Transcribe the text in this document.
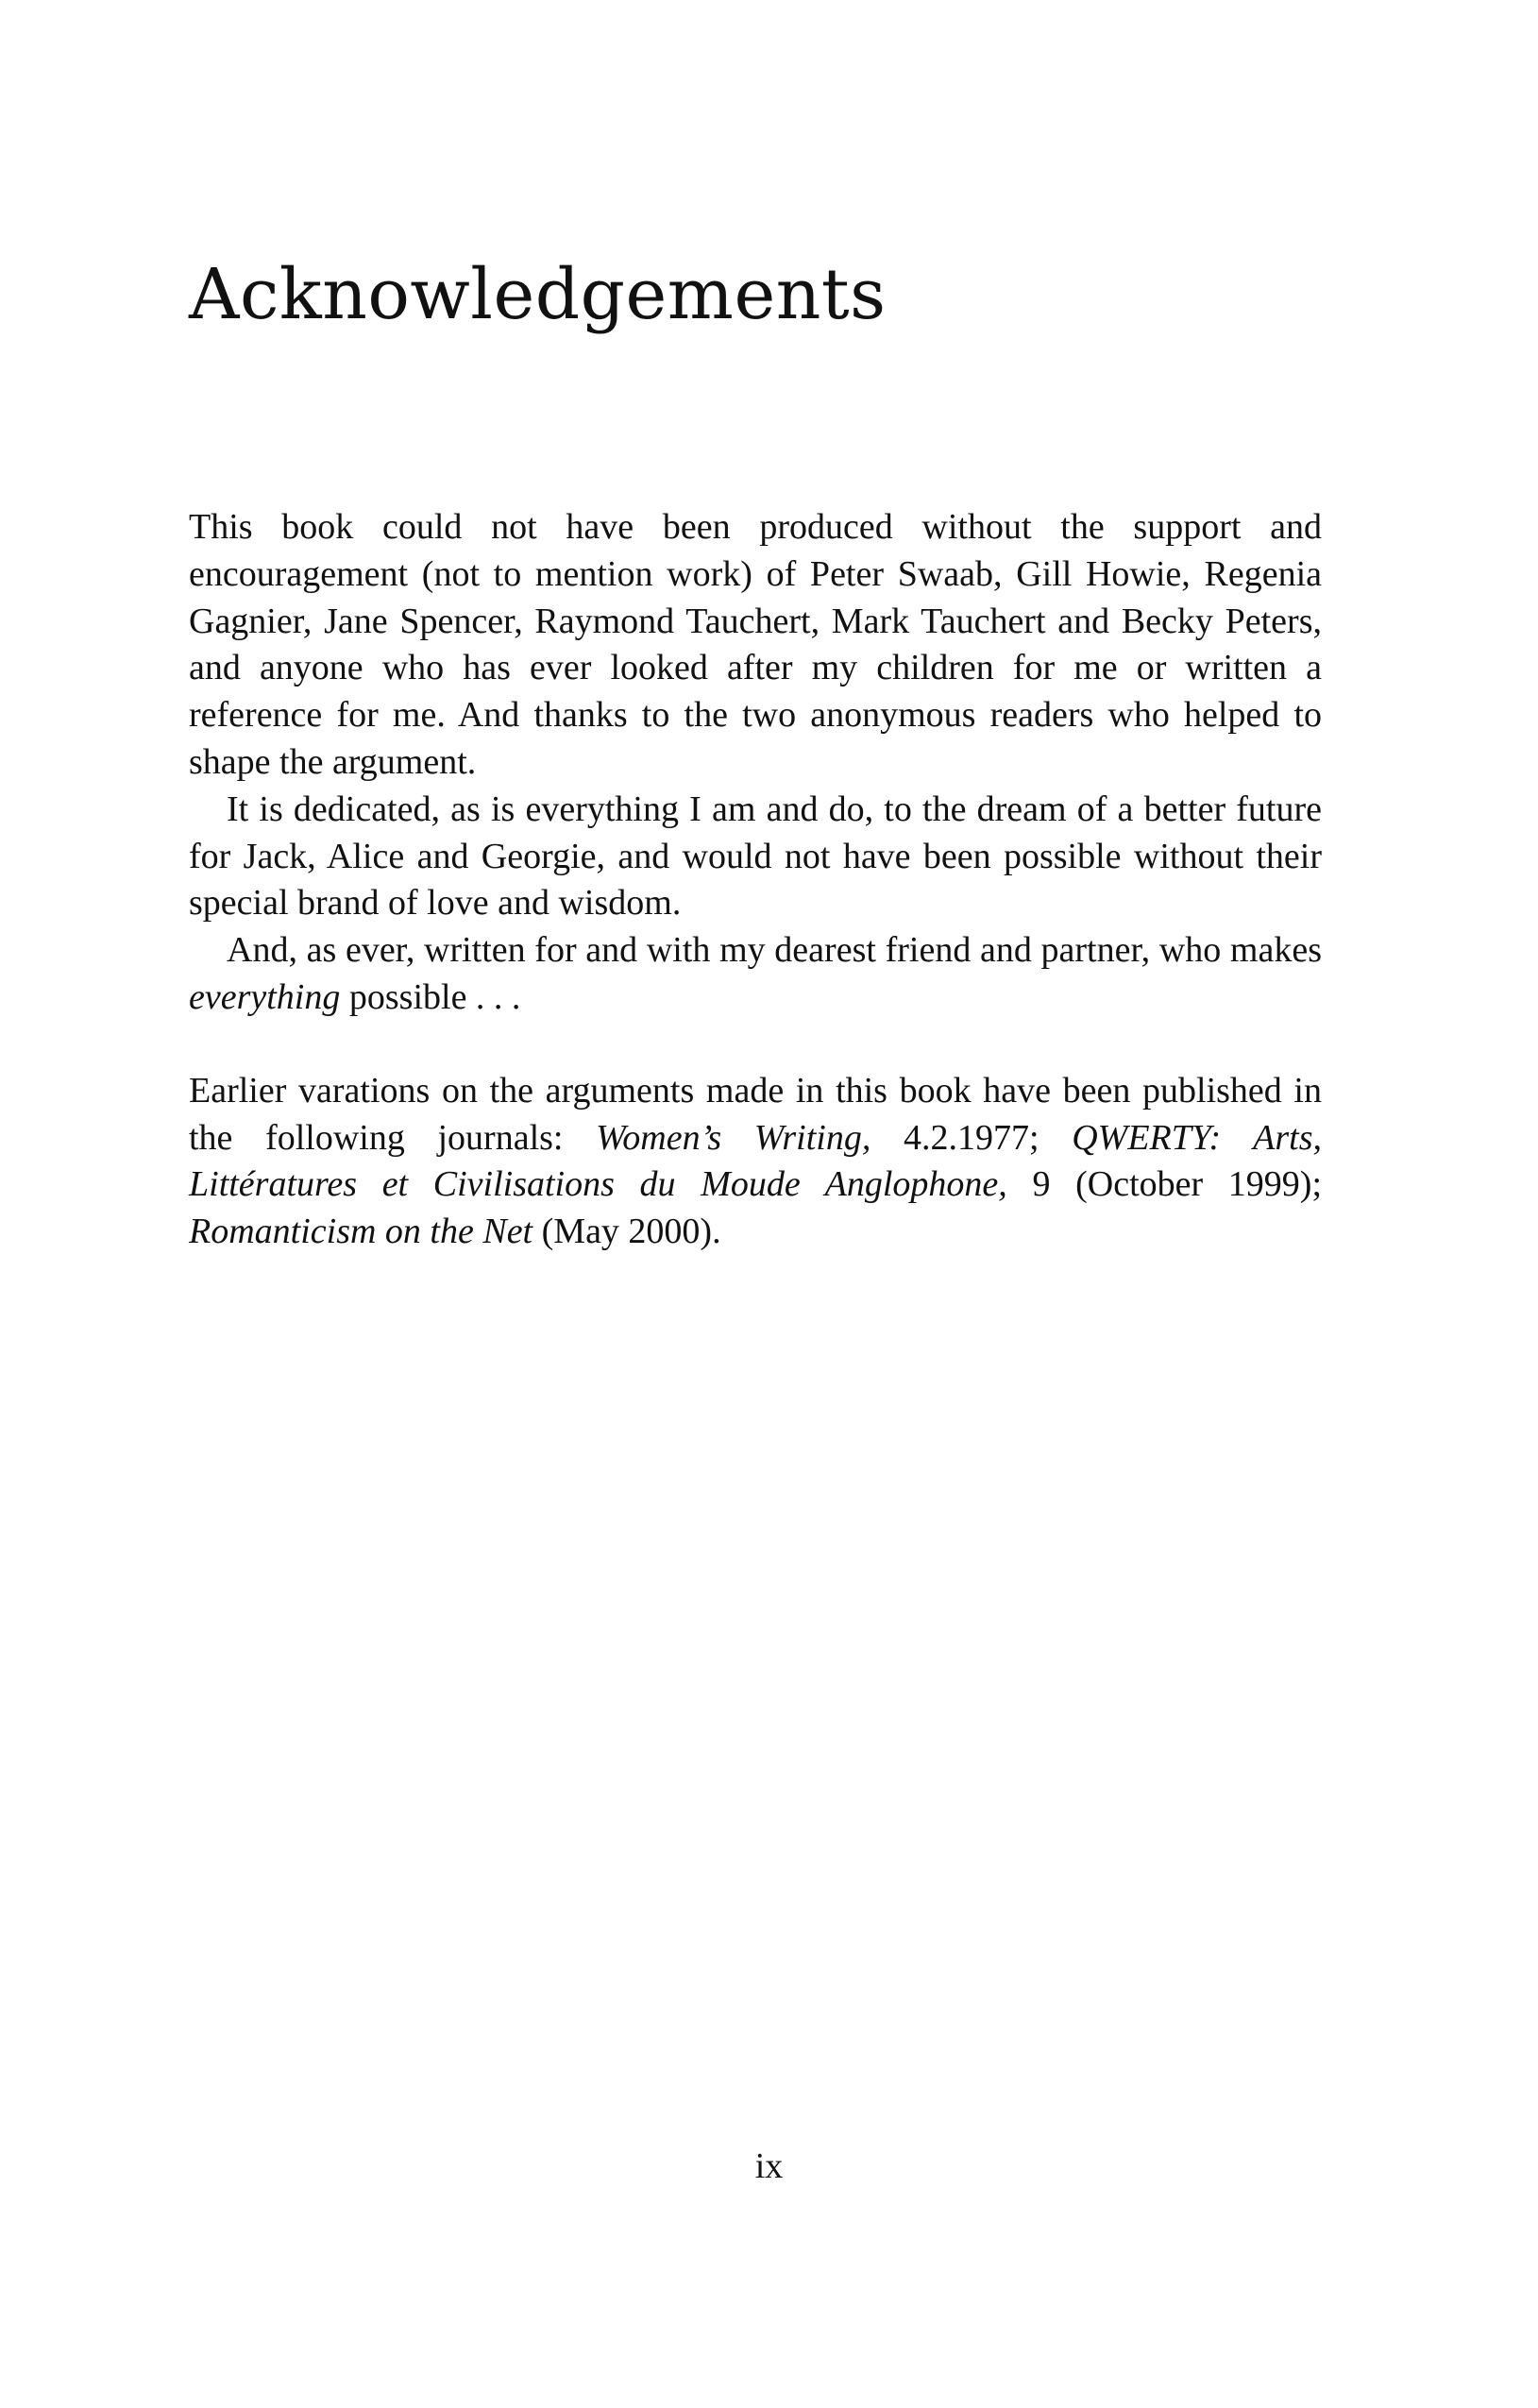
Acknowledgements

This book could not have been produced without the support and encouragement (not to mention work) of Peter Swaab, Gill Howie, Regenia Gagnier, Jane Spencer, Raymond Tauchert, Mark Tauchert and Becky Peters, and anyone who has ever looked after my children for me or written a reference for me. And thanks to the two anonymous readers who helped to shape the argument.

It is dedicated, as is everything I am and do, to the dream of a better future for Jack, Alice and Georgie, and would not have been possible without their special brand of love and wisdom.

And, as ever, written for and with my dearest friend and partner, who makes everything possible . . .

Earlier varations on the arguments made in this book have been published in the following journals: Women’s Writing, 4.2.1977; QWERTY: Arts, Littératures et Civilisations du Moude Anglophone, 9 (October 1999); Romanticism on the Net (May 2000).

ix
